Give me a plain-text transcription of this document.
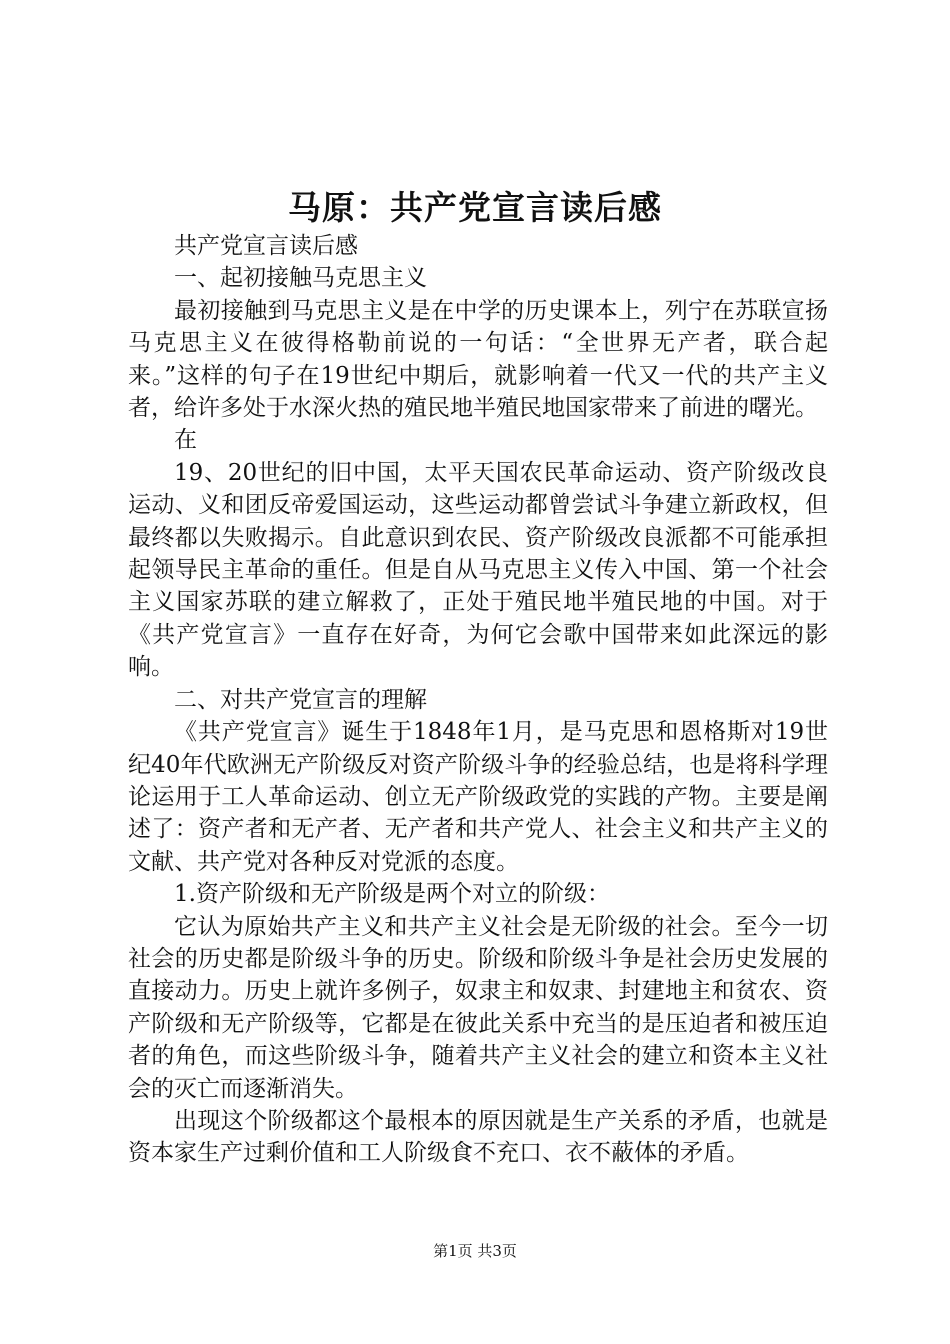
马原：共产党宣言读后感

共产党宣言读后感

一、起初接触马克思主义

最初接触到马克思主义是在中学的历史课本上，列宁在苏联宣扬马克思主义在彼得格勒前说的一句话：“全世界无产者，联合起来。”这样的句子在19世纪中期后，就影响着一代又一代的共产主义者，给许多处于水深火热的殖民地半殖民地国家带来了前进的曙光。

在

19、20世纪的旧中国，太平天国农民革命运动、资产阶级改良运动、义和团反帝爱国运动，这些运动都曾尝试斗争建立新政权，但最终都以失败揭示。自此意识到农民、资产阶级改良派都不可能承担起领导民主革命的重任。但是自从马克思主义传入中国、第一个社会主义国家苏联的建立解救了，正处于殖民地半殖民地的中国。对于《共产党宣言》一直存在好奇，为何它会歌中国带来如此深远的影响。

二、对共产党宣言的理解

《共产党宣言》诞生于1848年1月，是马克思和恩格斯对19世纪40年代欧洲无产阶级反对资产阶级斗争的经验总结，也是将科学理论运用于工人革命运动、创立无产阶级政党的实践的产物。主要是阐述了：资产者和无产者、无产者和共产党人、社会主义和共产主义的文献、共产党对各种反对党派的态度。

1.资产阶级和无产阶级是两个对立的阶级：

它认为原始共产主义和共产主义社会是无阶级的社会。至今一切社会的历史都是阶级斗争的历史。阶级和阶级斗争是社会历史发展的直接动力。历史上就许多例子，奴隶主和奴隶、封建地主和贫农、资产阶级和无产阶级等，它都是在彼此关系中充当的是压迫者和被压迫者的角色，而这些阶级斗争，随着共产主义社会的建立和资本主义社会的灭亡而逐渐消失。

出现这个阶级都这个最根本的原因就是生产关系的矛盾，也就是资本家生产过剩价值和工人阶级食不充口、衣不蔽体的矛盾。

第1页 共3页
